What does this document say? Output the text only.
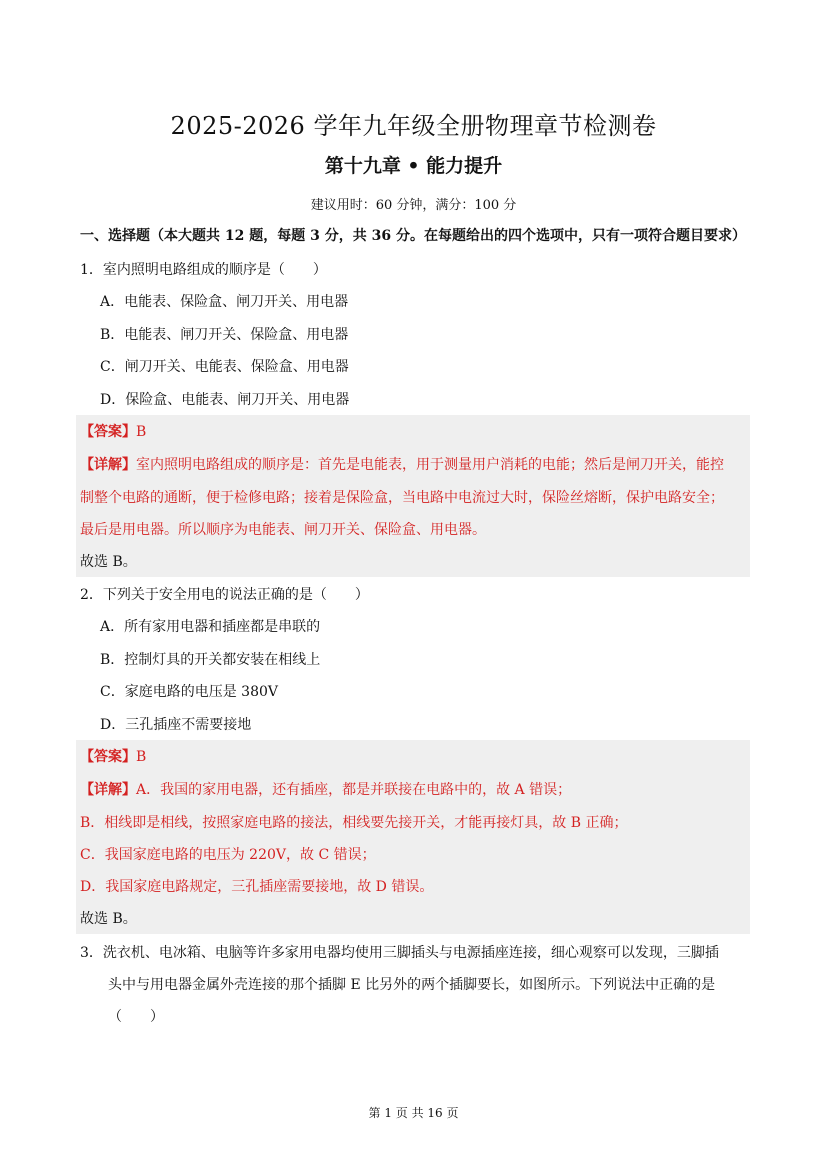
2025-2026 学年九年级全册物理章节检测卷
第十九章 • 能力提升
建议用时：60 分钟，满分：100 分
一、选择题（本大题共 12 题，每题 3 分，共 36 分。在每题给出的四个选项中，只有一项符合题目要求）
1．室内照明电路组成的顺序是（　　）
A．电能表、保险盒、闸刀开关、用电器
B．电能表、闸刀开关、保险盒、用电器
C．闸刀开关、电能表、保险盒、用电器
D．保险盒、电能表、闸刀开关、用电器
【答案】B
【详解】室内照明电路组成的顺序是：首先是电能表，用于测量用户消耗的电能；然后是闸刀开关，能控
制整个电路的通断，便于检修电路；接着是保险盒，当电路中电流过大时，保险丝熔断，保护电路安全；
最后是用电器。所以顺序为电能表、闸刀开关、保险盒、用电器。
故选 B。
2．下列关于安全用电的说法正确的是（　　）
A．所有家用电器和插座都是串联的
B．控制灯具的开关都安装在相线上
C．家庭电路的电压是 380V
D．三孔插座不需要接地
【答案】B
【详解】A．我国的家用电器，还有插座，都是并联接在电路中的，故 A 错误；
B．相线即是相线，按照家庭电路的接法，相线要先接开关，才能再接灯具，故 B 正确；
C．我国家庭电路的电压为 220V，故 C 错误；
D．我国家庭电路规定，三孔插座需要接地，故 D 错误。
故选 B。
3．洗衣机、电冰箱、电脑等许多家用电器均使用三脚插头与电源插座连接，细心观察可以发现，三脚插
头中与用电器金属外壳连接的那个插脚 E 比另外的两个插脚要长，如图所示。下列说法中正确的是
（　　）
第 1 页 共 16 页
